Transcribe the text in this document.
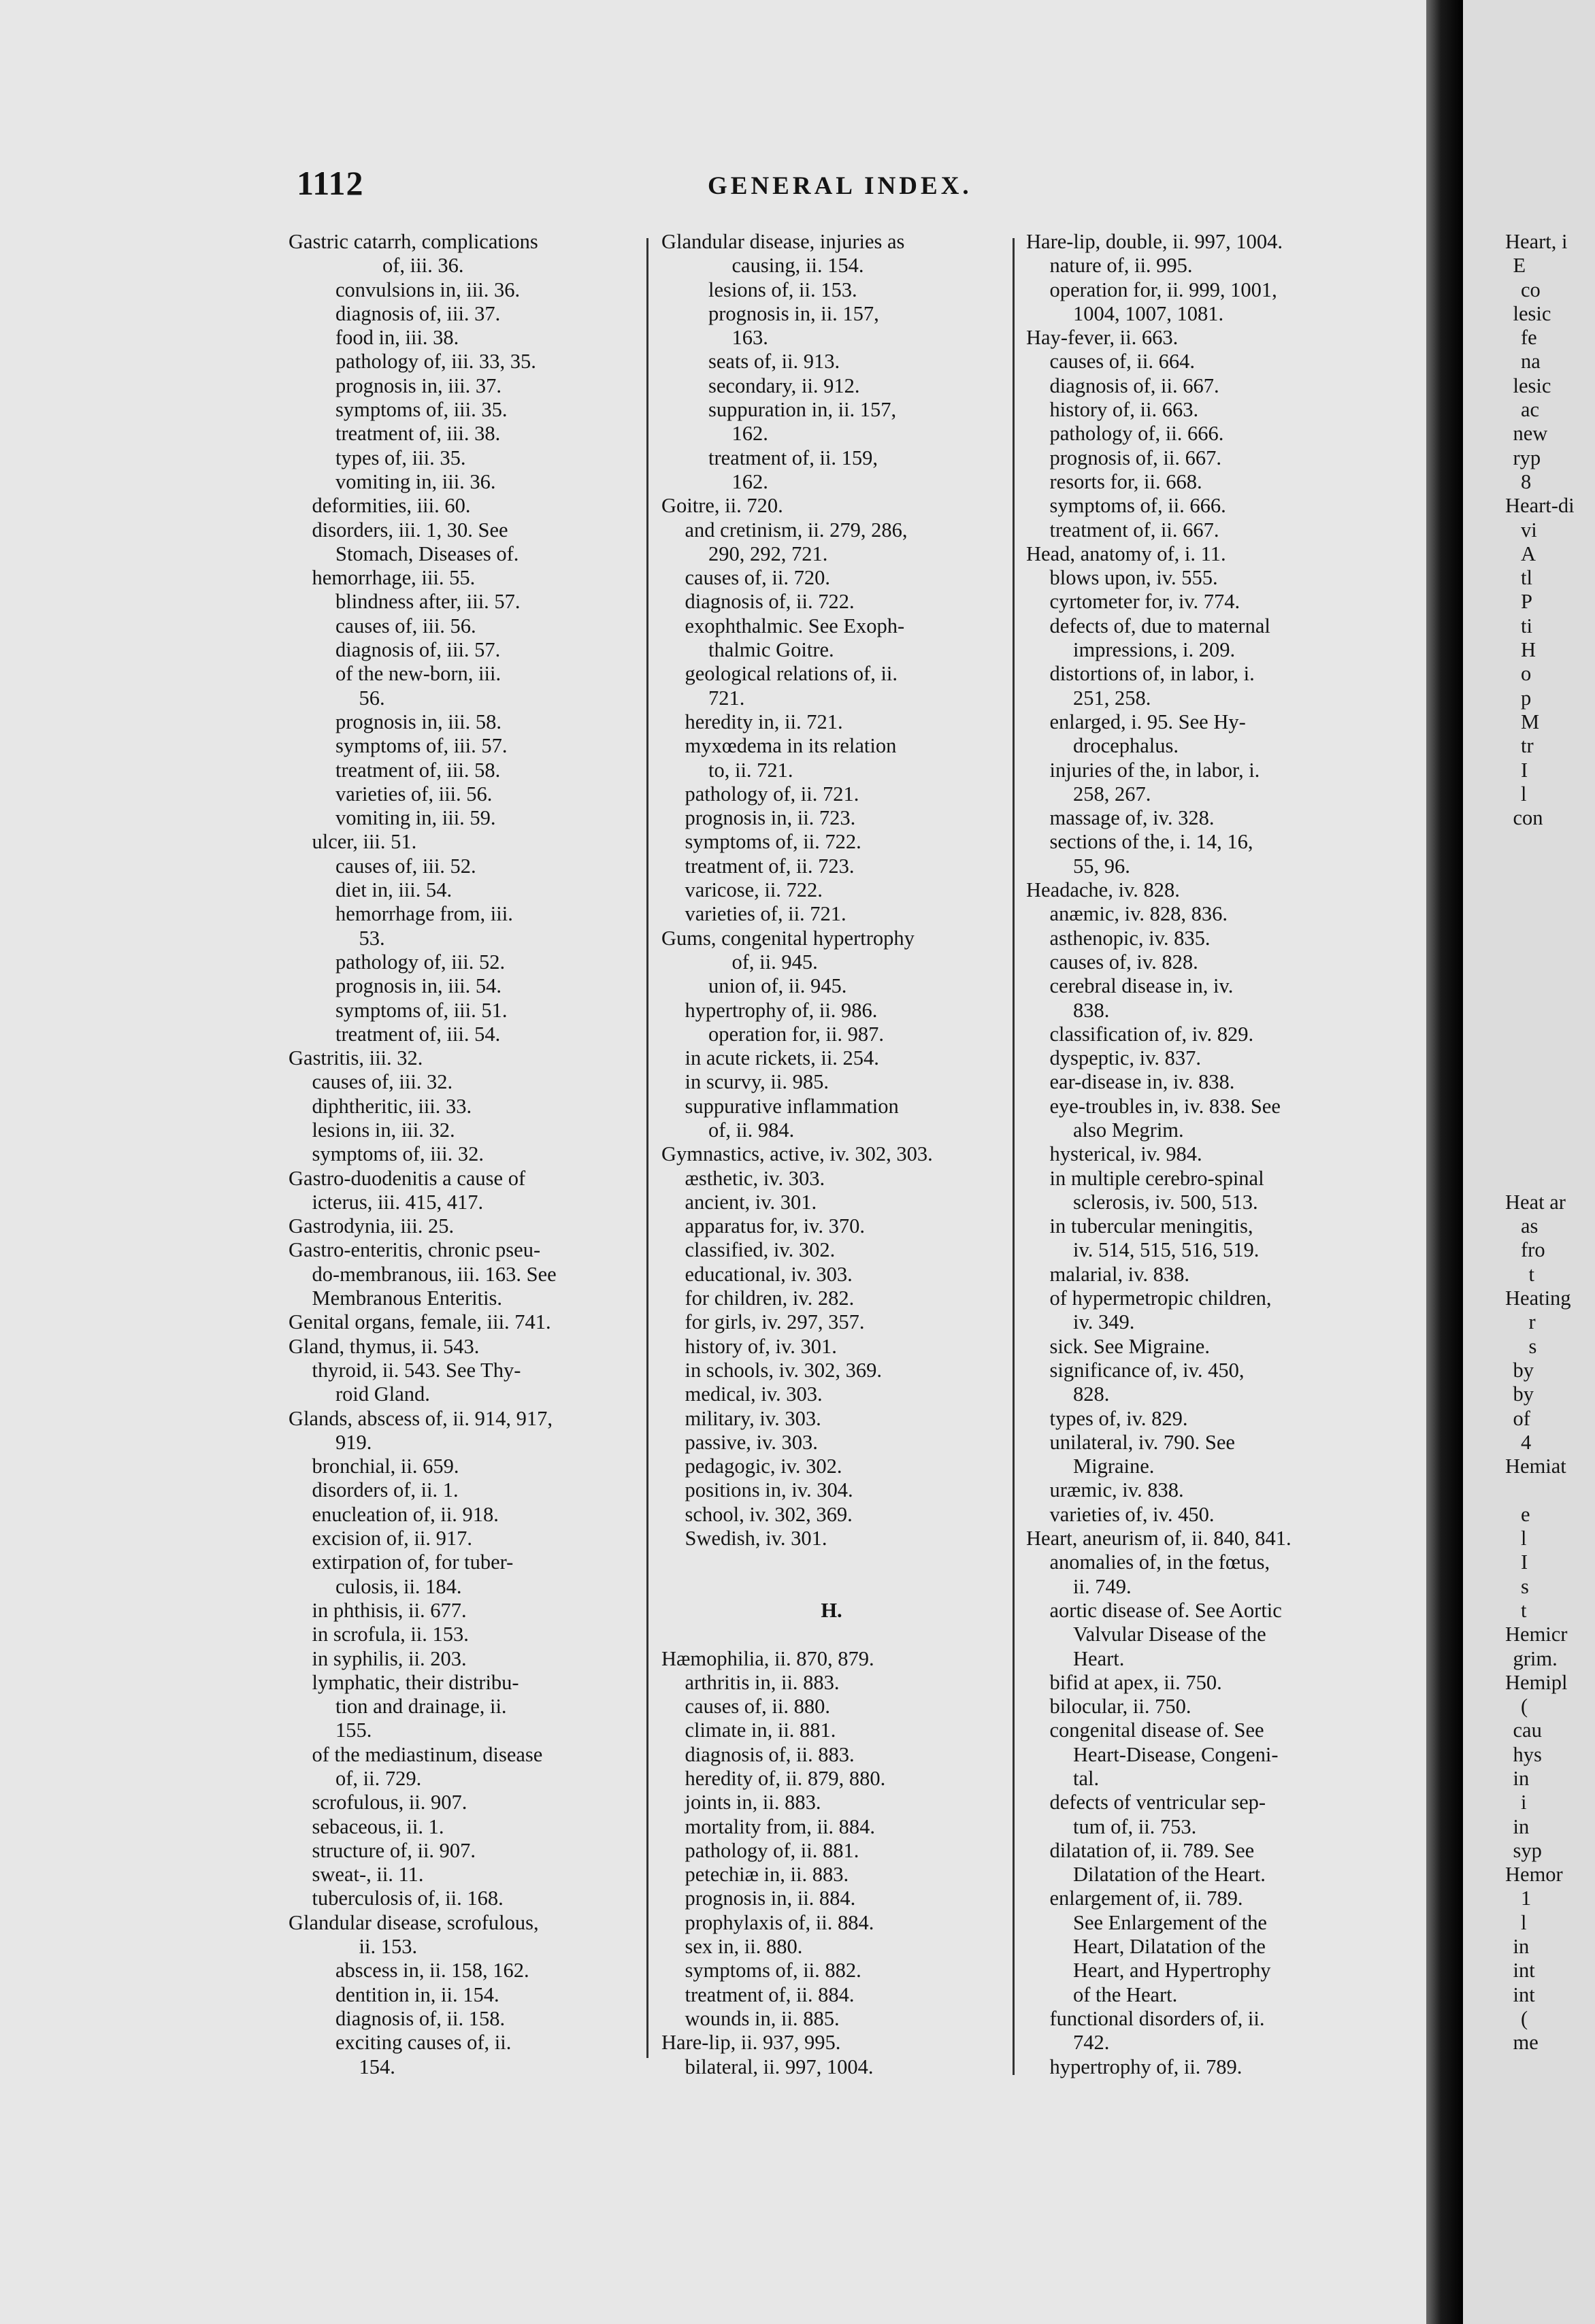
1112	GENERAL INDEX.
Gastric catarrh, complications
of, iii. 36.
convulsions in, iii. 36.
diagnosis of, iii. 37.
food in, iii. 38.
pathology of, iii. 33, 35.
prognosis in, iii. 37.
symptoms of, iii. 35.
treatment of, iii. 38.
types of, iii. 35.
vomiting in, iii. 36.
deformities, iii. 60.
disorders, iii. 1, 30. See
Stomach, Diseases of.
hemorrhage, iii. 55.
blindness after, iii. 57.
causes of, iii. 56.
diagnosis of, iii. 57.
of the new-born, iii.
56.
prognosis in, iii. 58.
symptoms of, iii. 57.
treatment of, iii. 58.
varieties of, iii. 56.
vomiting in, iii. 59.
ulcer, iii. 51.
causes of, iii. 52.
diet in, iii. 54.
hemorrhage from, iii.
53.
pathology of, iii. 52.
prognosis in, iii. 54.
symptoms of, iii. 51.
treatment of, iii. 54.
Gastritis, iii. 32.
causes of, iii. 32.
diphtheritic, iii. 33.
lesions in, iii. 32.
symptoms of, iii. 32.
Gastro-duodenitis a cause of
icterus, iii. 415, 417.
Gastrodynia, iii. 25.
Gastro-enteritis, chronic pseu-
do-membranous, iii. 163. See
Membranous Enteritis.
Genital organs, female, iii. 741.
Gland, thymus, ii. 543.
thyroid, ii. 543. See Thy-
roid Gland.
Glands, abscess of, ii. 914, 917,
919.
bronchial, ii. 659.
disorders of, ii. 1.
enucleation of, ii. 918.
excision of, ii. 917.
extirpation of, for tuber-
culosis, ii. 184.
in phthisis, ii. 677.
in scrofula, ii. 153.
in syphilis, ii. 203.
lymphatic, their distribu-
tion and drainage, ii.
155.
of the mediastinum, disease
of, ii. 729.
scrofulous, ii. 907.
sebaceous, ii. 1.
structure of, ii. 907.
sweat-, ii. 11.
tuberculosis of, ii. 168.
Glandular disease, scrofulous,
ii. 153.
abscess in, ii. 158, 162.
dentition in, ii. 154.
diagnosis of, ii. 158.
exciting causes of, ii.
154.
Glandular disease, injuries as
causing, ii. 154.
lesions of, ii. 153.
prognosis in, ii. 157,
163.
seats of, ii. 913.
secondary, ii. 912.
suppuration in, ii. 157,
162.
treatment of, ii. 159,
162.
Goitre, ii. 720.
and cretinism, ii. 279, 286,
290, 292, 721.
causes of, ii. 720.
diagnosis of, ii. 722.
exophthalmic. See Exoph-
thalmic Goitre.
geological relations of, ii.
721.
heredity in, ii. 721.
myxœdema in its relation
to, ii. 721.
pathology of, ii. 721.
prognosis in, ii. 723.
symptoms of, ii. 722.
treatment of, ii. 723.
varicose, ii. 722.
varieties of, ii. 721.
Gums, congenital hypertrophy
of, ii. 945.
union of, ii. 945.
hypertrophy of, ii. 986.
operation for, ii. 987.
in acute rickets, ii. 254.
in scurvy, ii. 985.
suppurative inflammation
of, ii. 984.
Gymnastics, active, iv. 302, 303.
æsthetic, iv. 303.
ancient, iv. 301.
apparatus for, iv. 370.
classified, iv. 302.
educational, iv. 303.
for children, iv. 282.
for girls, iv. 297, 357.
history of, iv. 301.
in schools, iv. 302, 369.
medical, iv. 303.
military, iv. 303.
passive, iv. 303.
pedagogic, iv. 302.
positions in, iv. 304.
school, iv. 302, 369.
Swedish, iv. 301.
H.
Hæmophilia, ii. 870, 879.
arthritis in, ii. 883.
causes of, ii. 880.
climate in, ii. 881.
diagnosis of, ii. 883.
heredity of, ii. 879, 880.
joints in, ii. 883.
mortality from, ii. 884.
pathology of, ii. 881.
petechiæ in, ii. 883.
prognosis in, ii. 884.
prophylaxis of, ii. 884.
sex in, ii. 880.
symptoms of, ii. 882.
treatment of, ii. 884.
wounds in, ii. 885.
Hare-lip, ii. 937, 995.
bilateral, ii. 997, 1004.
Hare-lip, double, ii. 997, 1004.
nature of, ii. 995.
operation for, ii. 999, 1001,
1004, 1007, 1081.
Hay-fever, ii. 663.
causes of, ii. 664.
diagnosis of, ii. 667.
history of, ii. 663.
pathology of, ii. 666.
prognosis of, ii. 667.
resorts for, ii. 668.
symptoms of, ii. 666.
treatment of, ii. 667.
Head, anatomy of, i. 11.
blows upon, iv. 555.
cyrtometer for, iv. 774.
defects of, due to maternal
impressions, i. 209.
distortions of, in labor, i.
251, 258.
enlarged, i. 95. See Hy-
drocephalus.
injuries of the, in labor, i.
258, 267.
massage of, iv. 328.
sections of the, i. 14, 16,
55, 96.
Headache, iv. 828.
anæmic, iv. 828, 836.
asthenopic, iv. 835.
causes of, iv. 828.
cerebral disease in, iv.
838.
classification of, iv. 829.
dyspeptic, iv. 837.
ear-disease in, iv. 838.
eye-troubles in, iv. 838. See
also Megrim.
hysterical, iv. 984.
in multiple cerebro-spinal
sclerosis, iv. 500, 513.
in tubercular meningitis,
iv. 514, 515, 516, 519.
malarial, iv. 838.
of hypermetropic children,
iv. 349.
sick. See Migraine.
significance of, iv. 450,
828.
types of, iv. 829.
unilateral, iv. 790. See
Migraine.
uræmic, iv. 838.
varieties of, iv. 450.
Heart, aneurism of, ii. 840, 841.
anomalies of, in the fœtus,
ii. 749.
aortic disease of. See Aortic
Valvular Disease of the
Heart.
bifid at apex, ii. 750.
bilocular, ii. 750.
congenital disease of. See
Heart-Disease, Congeni-
tal.
defects of ventricular sep-
tum of, ii. 753.
dilatation of, ii. 789. See
Dilatation of the Heart.
enlargement of, ii. 789.
See Enlargement of the
Heart, Dilatation of the
Heart, and Hypertrophy
of the Heart.
functional disorders of, ii.
742.
hypertrophy of, ii. 789.
Heart, i
E
co
lesic
fe
na
lesic
ac
new
ryp
8
Heart-di
vi
A
tl
P
ti
H
o
p
M
tr
I
l
con
Heat ar
as
fro
t
Heating
r
s
by
by
of
4
Hemiat
e
l
I
s
t
Hemicr
grim.
Hemipl
(
cau
hys
in
i
in
syp
Hemor
1
l
in
int
int
(
me
